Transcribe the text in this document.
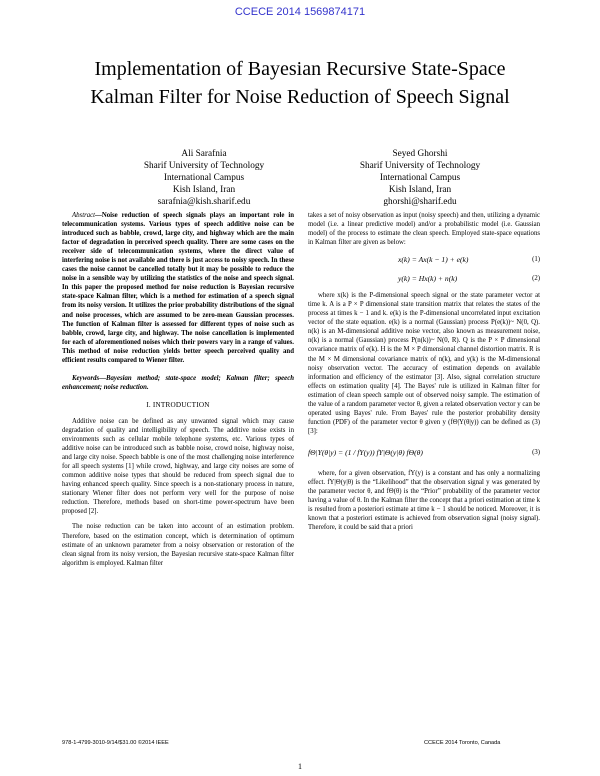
CCECE 2014 1569874171
Implementation of Bayesian Recursive State-Space
Kalman Filter for Noise Reduction of Speech Signal
Ali Sarafnia
Sharif University of Technology
International Campus
Kish Island, Iran
sarafnia@kish.sharif.edu
Seyed Ghorshi
Sharif University of Technology
International Campus
Kish Island, Iran
ghorshi@sharif.edu

Abstract—Noise reduction of speech signals plays an important role in telecommunication systems. Various types of speech additive noise can be introduced such as babble, crowd, large city, and highway which are the main factor of degradation in perceived speech quality. There are some cases on the receiver side of telecommunication systems, where the direct value of interfering noise is not available and there is just access to noisy speech. In these cases the noise cannot be cancelled totally but it may be possible to reduce the noise in a sensible way by utilizing the statistics of the noise and speech signal. In this paper the proposed method for noise reduction is Bayesian recursive state-space Kalman filter, which is a method for estimation of a speech signal from its noisy version. It utilizes the prior probability distributions of the signal and noise processes, which are assumed to be zero-mean Gaussian processes. The function of Kalman filter is assessed for different types of noise such as babble, crowd, large city, and highway. The noise cancellation is implemented for each of aforementioned noises which their powers vary in a range of values. This method of noise reduction yields better speech perceived quality and efficient results compared to Wiener filter.

Keywords—Bayesian method; state-space model; Kalman filter; speech enhancement; noise reduction.

I. INTRODUCTION

Additive noise can be defined as any unwanted signal which may cause degradation of quality and intelligibility of speech. The additive noise exists in environments such as cellular mobile telephone systems, etc. Various types of additive noise can be introduced such as babble noise, crowd noise, highway noise, and large city noise. Speech babble is one of the most challenging noise interference for all speech systems [1] while crowd, highway, and large city noises are some of common additive noise types that should be reduced from speech signal due to having enhanced speech quality. Since speech is a non-stationary process in nature, stationary Wiener filter does not perform very well for the purpose of noise reduction. Therefore, methods based on short-time power-spectrum have been proposed [2].

The noise reduction can be taken into account of an estimation problem. Therefore, based on the estimation concept, which is determination of optimum estimate of an unknown parameter from a noisy observation or restoration of the clean signal from its noisy version, the Bayesian recursive state-space Kalman filter algorithm is employed. Kalman filter

takes a set of noisy observation as input (noisy speech) and then, utilizing a dynamic model (i.e. a linear predictive model) and/or a probabilistic model (i.e. Gaussian model) of the process to estimate the clean speech. Employed state-space equations in Kalman filter are given as below:

x(k) = Ax(k − 1) + e(k)	(1)
y(k) = Hx(k) + n(k)	(2)

where x(k) is the P-dimensional speech signal or the state parameter vector at time k. A is a P × P dimensional state transition matrix that relates the states of the process at times k − 1 and k. e(k) is the P-dimensional uncorrelated input excitation vector of the state equation. e(k) is a normal (Gaussian) process P(e(k))~ N(0, Q). n(k) is an M-dimensional additive noise vector, also known as measurement noise, n(k) is a normal (Gaussian) process P(n(k))~ N(0, R). Q is the P × P dimensional covariance matrix of e(k). H is the M × P dimensional channel distortion matrix. R is the M × M dimensional covariance matrix of n(k), and y(k) is the M-dimensional noisy observation vector. The accuracy of estimation depends on available information and efficiency of the estimator [3]. Also, signal correlation structure effects on estimation quality [4]. The Bayes' rule is utilized in Kalman filter for estimation of clean speech sample out of observed noisy sample. The estimation of the value of a random parameter vector θ, given a related observation vector y can be operated using Bayes' rule. From Bayes' rule the posterior probability density function (PDF) of the parameter vector θ given y (fΘ|Y(θ|y)) can be defined as (3) [3]:

fΘ|Y(θ|y) = (1 / fY(y)) fY|Θ(y|θ) fΘ(θ)	(3)

where, for a given observation, fY(y) is a constant and has only a normalizing effect. fY|Θ(y|θ) is the “Likelihood” that the observation signal y was generated by the parameter vector θ, and fΘ(θ) is the “Prior” probability of the parameter vector having a value of θ. In the Kalman filter the concept that a priori estimation at time k is resulted from a posteriori estimate at time k − 1 should be noticed. Moreover, it is known that a posteriori estimate is achieved from observation signal (noisy signal). Therefore, it could be said that a priori

978-1-4799-3010-9/14/$31.00 ©2014 IEEE	CCECE 2014 Toronto, Canada
1
